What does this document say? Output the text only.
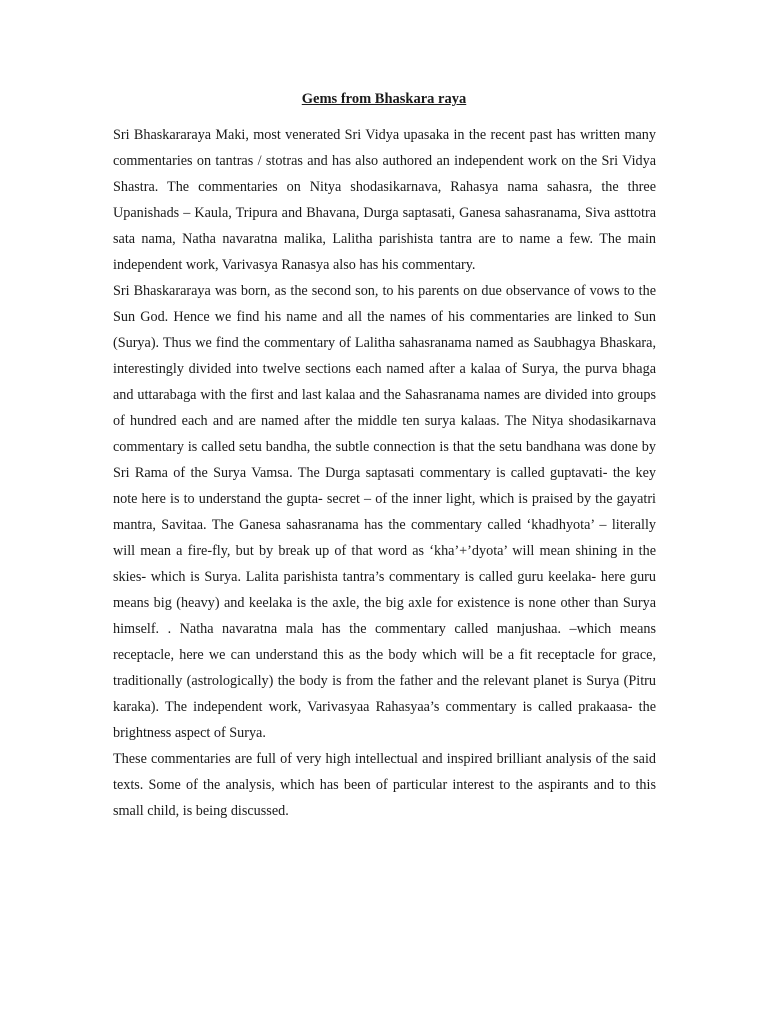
Gems from Bhaskara raya

Sri Bhaskararaya Maki, most venerated Sri Vidya upasaka in the recent past has written many commentaries on tantras / stotras and has also authored an independent work on the Sri Vidya Shastra. The commentaries on Nitya shodasikarnava, Rahasya nama sahasra, the three Upanishads – Kaula, Tripura and Bhavana, Durga saptasati, Ganesa sahasranama, Siva asttotra sata nama, Natha navaratna malika, Lalitha parishista tantra are to name a few. The main independent work, Varivasya Ranasya also has his commentary.

Sri Bhaskararaya was born, as the second son, to his parents on due observance of vows to the Sun God. Hence we find his name and all the names of his commentaries are linked to Sun (Surya). Thus we find the commentary of Lalitha sahasranama named as Saubhagya Bhaskara, interestingly divided into twelve sections each named after a kalaa of Surya, the purva bhaga and uttarabaga with the first and last kalaa and the Sahasranama names are divided into groups of hundred each and are named after the middle ten surya kalaas. The Nitya shodasikarnava commentary is called setu bandha, the subtle connection is that the setu bandhana was done by Sri Rama of the Surya Vamsa. The Durga saptasati commentary is called guptavati- the key note here is to understand the gupta- secret – of the inner light, which is praised by the gayatri mantra, Savitaa. The Ganesa sahasranama has the commentary called ‘khadhyota’ – literally will mean a fire-fly, but by break up of that word as ‘kha’+’dyota’ will mean shining in the skies- which is Surya. Lalita parishista tantra’s commentary is called guru keelaka- here guru means big (heavy) and keelaka is the axle, the big axle for existence is none other than Surya himself. . Natha navaratna mala has the commentary called manjushaa. –which means receptacle, here we can understand this as the body which will be a fit receptacle for grace, traditionally (astrologically) the body is from the father and the relevant planet is Surya (Pitru karaka). The independent work, Varivasyaa Rahasyaa’s commentary is called prakaasa- the brightness aspect of Surya.

These commentaries are full of very high intellectual and inspired brilliant analysis of the said texts. Some of the analysis, which has been of particular interest to the aspirants and to this small child, is being discussed.
